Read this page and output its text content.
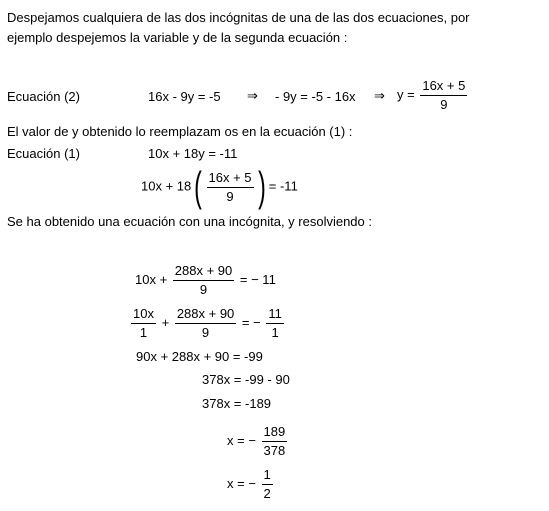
Despejamos cualquiera de las dos incógnitas de una de las dos ecuaciones, por
ejemplo despejemos la variable y de la segunda ecuación :
Ecuación (2)	16x - 9y = -5 ⇒ - 9y = -5 - 16x ⇒ $y = \frac{16x + 5}{9}$
El valor de y obtenido lo reemplazam os en la ecuación (1) :
Ecuación (1)	10x + 18y = -11
10x + 18 ( $\frac{16x + 5}{9}$ ) = -11
Se ha obtenido una ecuación con una incógnita, y resolviendo :
$10x + \frac{288x + 90}{9}$ = − 11
$\frac{10x}{1} + \frac{288x + 90}{9}$ = − $\frac{11}{1}$
90x + 288x + 90 = -99
378x = -99 - 90
378x = -189
x = − $\frac{189}{378}$
x = − $\frac{1}{2}$
